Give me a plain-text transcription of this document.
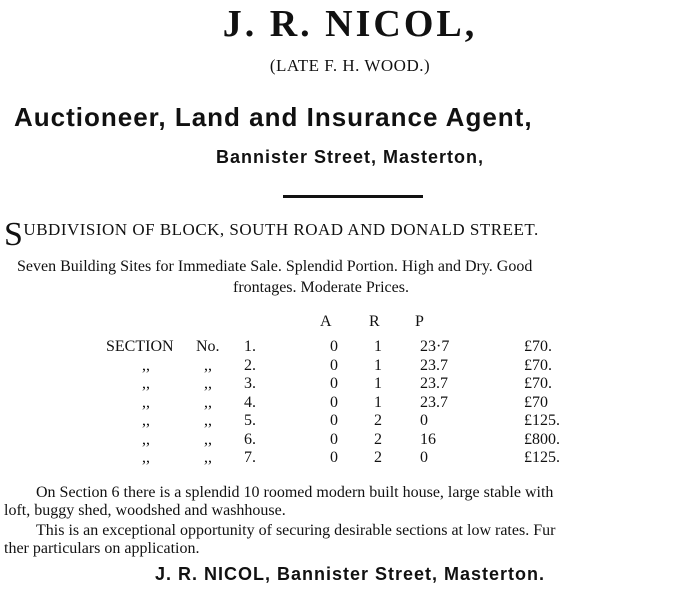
J. R. NICOL,
(LATE F. H. WOOD.)
Auctioneer, Land and Insurance Agent,
Bannister Street, Masterton,
SUBDIVISION OF BLOCK, SOUTH ROAD AND DONALD STREET.
Seven Building Sites for Immediate Sale. Splendid Portion. High and Dry. Good
frontages. Moderate Prices.
A R P
SECTION No. 1.	0 1 23·7	£70.
,,	,, 2.	0 1 23.7	£70.
,,	,, 3.	0 1 23.7	£70.
,,	,, 4.	0 1 23.7	£70
,,	,, 5.	0 2 0	£125.
,,	,, 6.	0 2 16	£800.
,,	,, 7.	0 2 0	£125.
On Section 6 there is a splendid 10 roomed modern built house, large stable with
loft, buggy shed, woodshed and washhouse.
This is an exceptional opportunity of securing desirable sections at low rates. Fur
ther particulars on application.
J. R. NICOL, Bannister Street, Masterton.
